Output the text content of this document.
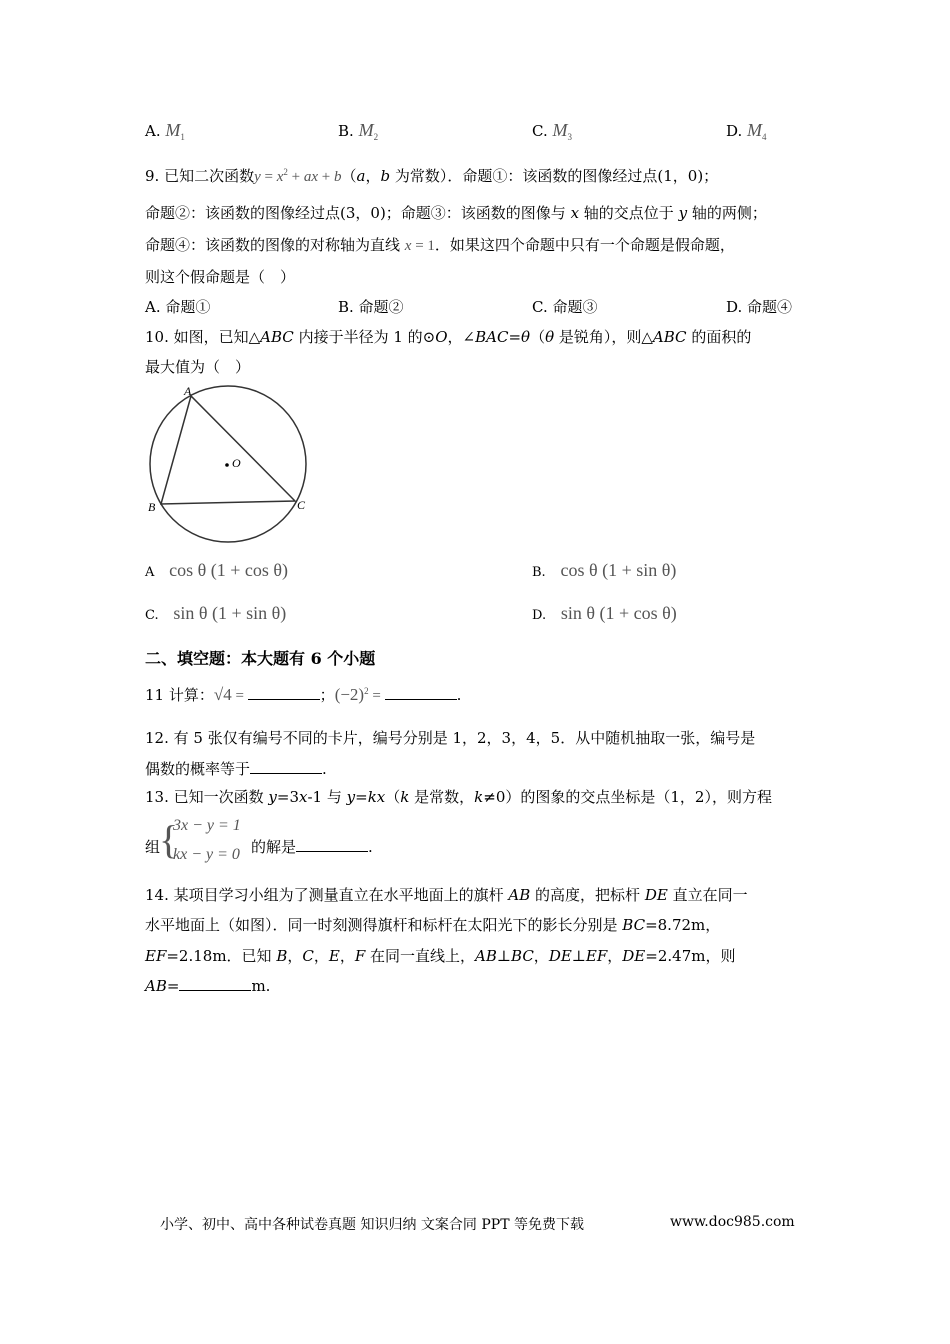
A. $M_1$	B. $M_2$	C. $M_3$	D. $M_4$
9. 已知二次函数$y = x^2$ + ax + b（a，b 为常数）．命题①：该函数的图像经过点(1，0)；
命题②：该函数的图像经过点(3，0)；命题③：该函数的图像与 x 轴的交点位于 y 轴的两侧；
命题④：该函数的图像的对称轴为直线 x = 1．如果这四个命题中只有一个命题是假命题，
则这个假命题是（　）
A. 命题①	B. 命题②	C. 命题③	D. 命题④
10. 如图，已知△ABC 内接于半径为 1 的⊙O，∠BAC=θ（θ 是锐角），则△ABC 的面积的
最大值为（　）
A
O
B	C
A cos θ (1 + cos θ)	B. cos θ (1 + sin θ)
C. sin θ (1 + sin θ)	D. sin θ (1 + cos θ)
二、填空题：本大题有 6 个小题
11 计算：√4 =	；$(-2)^2$ =	.
12. 有 5 张仅有编号不同的卡片，编号分别是 1，2，3，4，5．从中随机抽取一张，编号是
偶数的概率等于	.
13. 已知一次函数 y=3x-1 与 y=kx（k 是常数，k≠0）的图象的交点坐标是（1，2），则方程
组
{
3x − y = 1
kx − y = 0 的解是	.
14. 某项目学习小组为了测量直立在水平地面上的旗杆 AB 的高度，把标杆 DE 直立在同一
水平地面上（如图）．同一时刻测得旗杆和标杆在太阳光下的影长分别是 BC=8.72m，
EF=2.18m．已知 B，C，E，F 在同一直线上，AB⊥BC，DE⊥EF，DE=2.47m，则
AB=	m.
小学、初中、高中各种试卷真题 知识归纳 文案合同 PPT 等免费下载	www.doc985.com
